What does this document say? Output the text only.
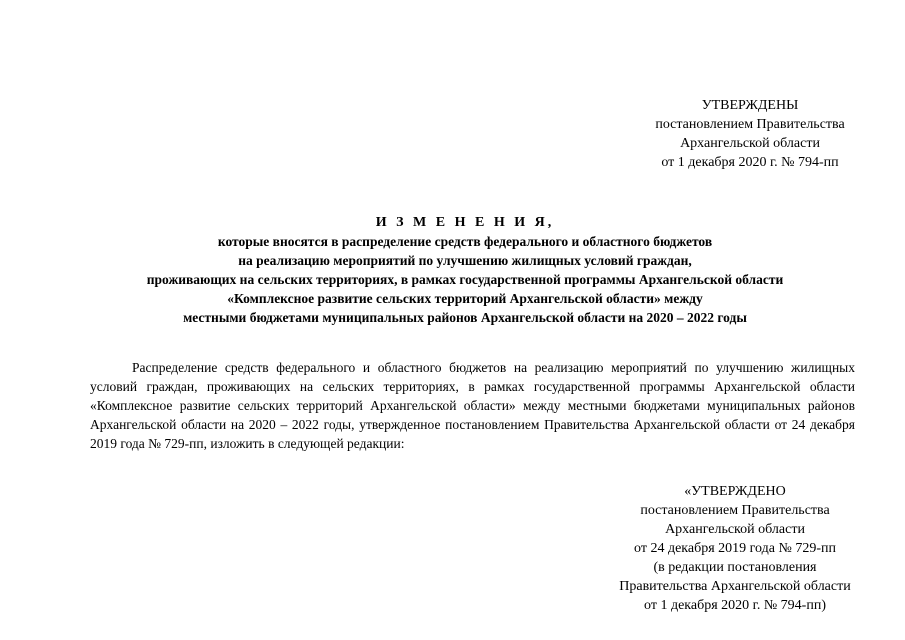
УТВЕРЖДЕНЫ
постановлением Правительства
Архангельской области
от 1 декабря 2020 г. № 794-пп
И З М Е Н Е Н И Я,
которые вносятся в распределение средств федерального и областного бюджетов
на реализацию мероприятий по улучшению жилищных условий граждан,
проживающих на сельских территориях, в рамках государственной программы Архангельской области
«Комплексное развитие сельских территорий Архангельской области» между
местными бюджетами муниципальных районов Архангельской области на 2020 – 2022 годы

Распределение средств федерального и областного бюджетов на реализацию мероприятий по улучшению жилищных условий граждан, проживающих на сельских территориях, в рамках государственной программы Архангельской области «Комплексное развитие сельских территорий Архангельской области» между местными бюджетами муниципальных районов Архангельской области на 2020 – 2022 годы, утвержденное постановлением Правительства Архангельской области от 24 декабря 2019 года № 729-пп, изложить в следующей редакции:

«УТВЕРЖДЕНО
постановлением Правительства
Архангельской области
от 24 декабря 2019 года № 729-пп
(в редакции постановления
Правительства Архангельской области
от 1 декабря 2020 г. № 794-пп)
